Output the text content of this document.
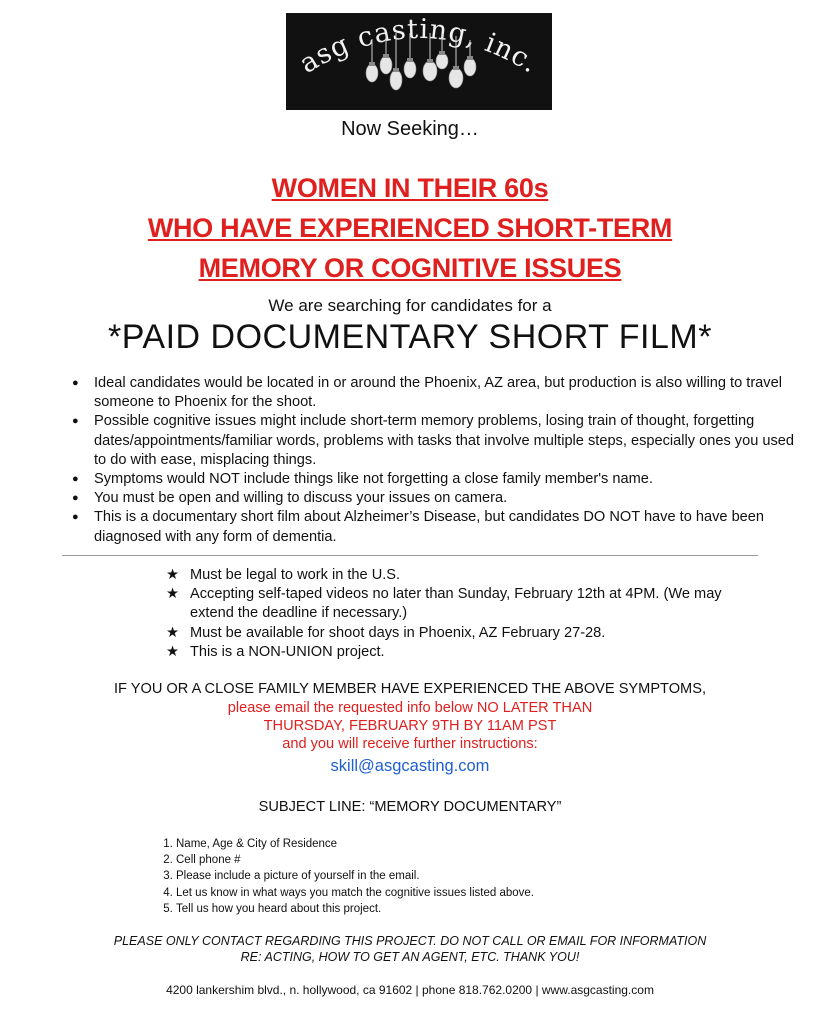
asg casting, inc.
Now Seeking…
WOMEN IN THEIR 60s
WHO HAVE EXPERIENCED SHORT-TERM
MEMORY OR COGNITIVE ISSUES
We are searching for candidates for a
*PAID DOCUMENTARY SHORT FILM*
● Ideal candidates would be located in or around the Phoenix, AZ area, but production is also willing to travel someone to Phoenix for the shoot.
● Possible cognitive issues might include short-term memory problems, losing train of thought, forgetting dates/appointments/familiar words, problems with tasks that involve multiple steps, especially ones you used to do with ease, misplacing things.
● Symptoms would NOT include things like not forgetting a close family member's name.
● You must be open and willing to discuss your issues on camera.
● This is a documentary short film about Alzheimer’s Disease, but candidates DO NOT have to have been diagnosed with any form of dementia.
★ Must be legal to work in the U.S.
★ Accepting self-taped videos no later than Sunday, February 12th at 4PM. (We may extend the deadline if necessary.)
★ Must be available for shoot days in Phoenix, AZ February 27-28.
★ This is a NON-UNION project.
IF YOU OR A CLOSE FAMILY MEMBER HAVE EXPERIENCED THE ABOVE SYMPTOMS,
please email the requested info below NO LATER THAN
THURSDAY, FEBRUARY 9TH BY 11AM PST
and you will receive further instructions:
skill@asgcasting.com
SUBJECT LINE: “MEMORY DOCUMENTARY”
1. Name, Age & City of Residence
2. Cell phone #
3. Please include a picture of yourself in the email.
4. Let us know in what ways you match the cognitive issues listed above.
5. Tell us how you heard about this project.
PLEASE ONLY CONTACT REGARDING THIS PROJECT. DO NOT CALL OR EMAIL FOR INFORMATION
RE: ACTING, HOW TO GET AN AGENT, ETC. THANK YOU!
4200 lankershim blvd., n. hollywood, ca 91602 | phone 818.762.0200 | www.asgcasting.com
